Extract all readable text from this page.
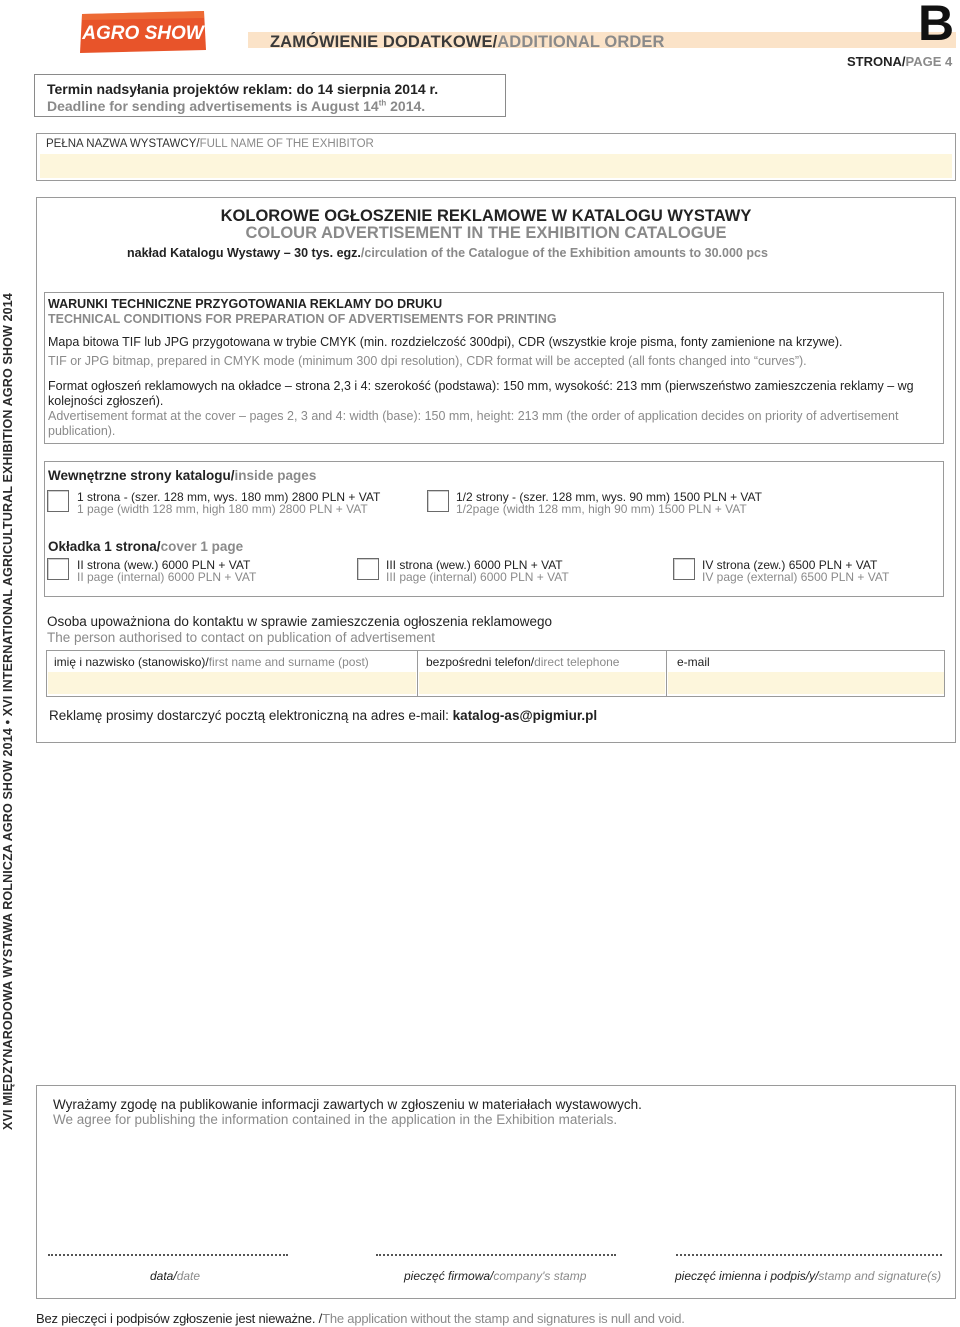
AGRO SHOW	ZAMÓWIENIE DODATKOWE/ADDITIONAL ORDER	B
STRONA/PAGE 4
Termin nadsyłania projektów reklam: do 14 sierpnia 2014 r.
Deadline for sending advertisements is August 14th 2014.
PEŁNA NAZWA WYSTAWCY/FULL NAME OF THE EXHIBITOR
XVI MIĘDZYNARODOWA WYSTAWA ROLNICZA AGRO SHOW 2014 • XVI INTERNATIONAL AGRICULTURAL EXHIBITION AGRO SHOW 2014
KOLOROWE OGŁOSZENIE REKLAMOWE W KATALOGU WYSTAWY
COLOUR ADVERTISEMENT IN THE EXHIBITION CATALOGUE
nakład Katalogu Wystawy – 30 tys. egz./circulation of the Catalogue of the Exhibition amounts to 30.000 pcs
WARUNKI TECHNICZNE PRZYGOTOWANIA REKLAMY DO DRUKU
TECHNICAL CONDITIONS FOR PREPARATION OF ADVERTISEMENTS FOR PRINTING
Mapa bitowa TIF lub JPG przygotowana w trybie CMYK (min. rozdzielczość 300dpi), CDR (wszystkie kroje pisma, fonty zamienione na krzywe).
TIF or JPG bitmap, prepared in CMYK mode (minimum 300 dpi resolution), CDR format will be accepted (all fonts changed into “curves”).
Format ogłoszeń reklamowych na okładce – strona 2,3 i 4: szerokość (podstawa): 150 mm, wysokość: 213 mm (pierwszeństwo zamieszczenia reklamy – wg kolejności zgłoszeń).
Advertisement format at the cover – pages 2, 3 and 4: width (base): 150 mm, height: 213 mm (the order of application decides on priority of advertisement publication).
Wewnętrzne strony katalogu/inside pages
1 strona - (szer. 128 mm, wys. 180 mm) 2800 PLN + VAT
1 page (width 128 mm, high 180 mm) 2800 PLN + VAT
1/2 strony - (szer. 128 mm, wys. 90 mm) 1500 PLN + VAT
1/2page (width 128 mm, high 90 mm) 1500 PLN + VAT
Okładka 1 strona/cover 1 page
II strona (wew.) 6000 PLN + VAT
II page (internal) 6000 PLN + VAT
III strona (wew.) 6000 PLN + VAT
III page (internal) 6000 PLN + VAT
IV strona (zew.) 6500 PLN + VAT
IV page (external) 6500 PLN + VAT
Osoba upoważniona do kontaktu w sprawie zamieszczenia ogłoszenia reklamowego
The person authorised to contact on publication of advertisement
imię i nazwisko (stanowisko)/first name and surname (post)	bezpośredni telefon/direct telephone	e-mail
Reklamę prosimy dostarczyć pocztą elektroniczną na adres e-mail: katalog-as@pigmiur.pl
Wyrażamy zgodę na publikowanie informacji zawartych w zgłoszeniu w materiałach wystawowych.
We agree for publishing the information contained in the application in the Exhibition materials.
data/date	pieczęć firmowa/company's stamp	pieczęć imienna i podpis/y/stamp and signature(s)
Bez pieczęci i podpisów zgłoszenie jest nieważne. /The application without the stamp and signatures is null and void.
